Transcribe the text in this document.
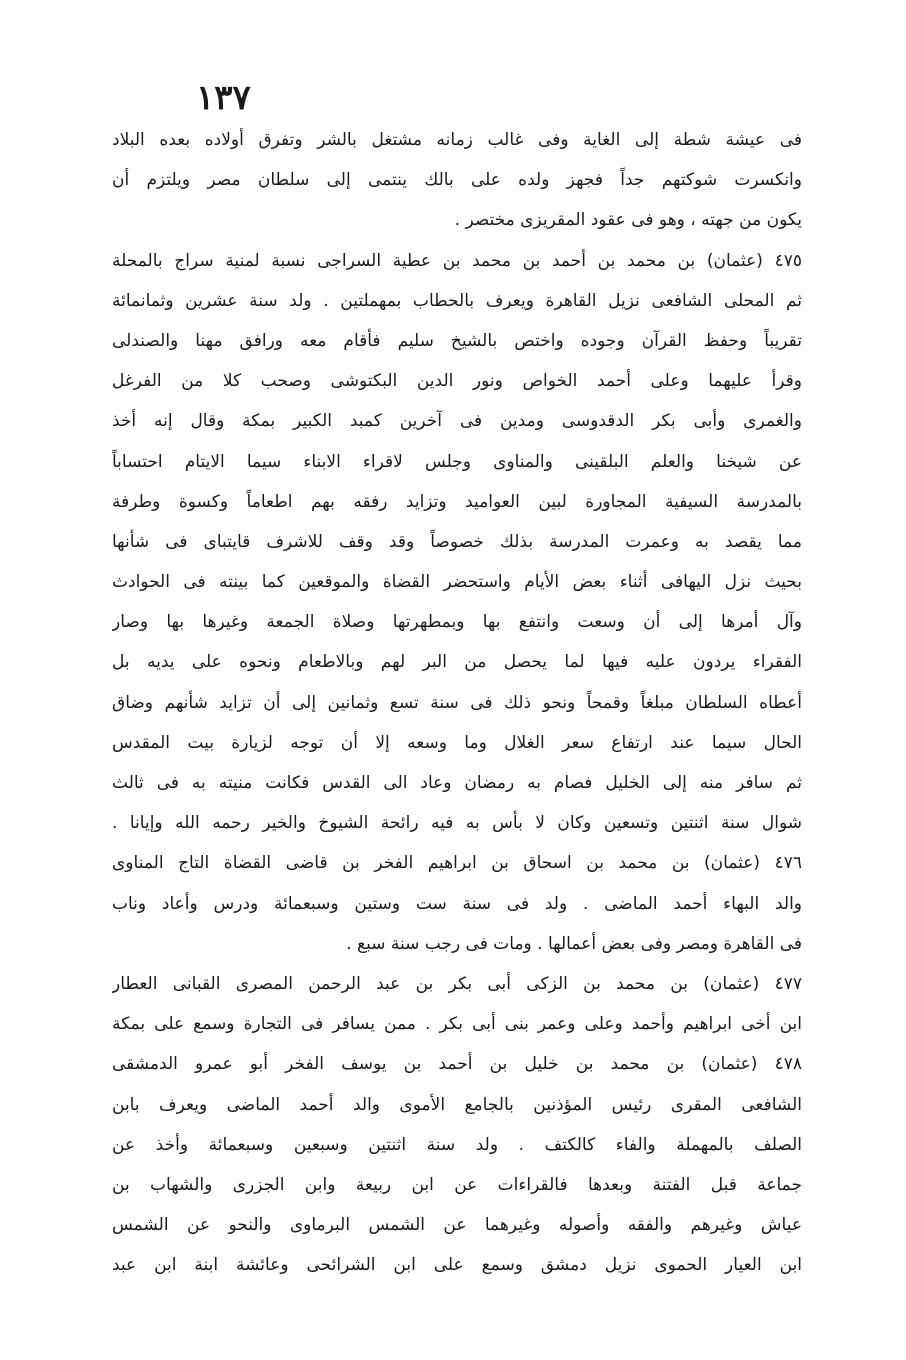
١٣٧
فى عيشة شطة إلى الغاية وفى غالب زمانه مشتغل بالشر وتفرق أولاده بعده البلاد
وانكسرت شوكتهم جداً فجهز ولده على بالك ينتمى إلى سلطان مصر ويلتزم أن
يكون من جهته ، وهو فى عقود المقريزى مختصر .
٤٧٥ (عثمان) بن محمد بن أحمد بن محمد بن عطية السراجى نسبة لمنية سراج بالمحلة
ثم المحلى الشافعى نزيل القاهرة ويعرف بالحطاب بمهملتين . ولد سنة عشرين وثمانمائة
تقريباً وحفظ القرآن وجوده واختص بالشيخ سليم فأقام معه ورافق مهنا والصندلى
وقرأ عليهما وعلى أحمد الخواص ونور الدين البكتوشى وصحب كلا من الفرغل
والغمرى وأبى بكر الدقدوسى ومدين فى آخرين كمبد الكبير بمكة وقال إنه أخذ
عن شيخنا والعلم البلقينى والمناوى وجلس لاقراء الابناء سيما الايتام احتساباً
بالمدرسة السيفية المجاورة لبين العواميد وتزايد رفقه بهم اطعاماً وكسوة وطرفة
مما يقصد به وعمرت المدرسة بذلك خصوصاً وقد وقف للاشرف قايتباى فى شأنها
بحيث نزل اليهافى أثناء بعض الأيام واستحضر القضاة والموقعين كما بينته فى الحوادث
وآل أمرها إلى أن وسعت وانتفع بها وبمطهرتها وصلاة الجمعة وغيرها بها وصار
الفقراء يردون عليه فيها لما يحصل من البر لهم وبالاطعام ونحوه على يديه بل
أعطاه السلطان مبلغاً وقمحاً ونحو ذلك فى سنة تسع وثمانين إلى أن تزايد شأنهم وضاق
الحال سيما عند ارتفاع سعر الغلال وما وسعه إلا أن توجه لزيارة بيت المقدس
ثم سافر منه إلى الخليل فصام به رمضان وعاد الى القدس فكانت منيته به فى ثالث
شوال سنة اثنتين وتسعين وكان لا بأس به فيه رائحة الشيوخ والخير رحمه الله وإيانا .
٤٧٦ (عثمان) بن محمد بن اسحاق بن ابراهيم الفخر بن قاضى القضاة التاج المناوى
والد البهاء أحمد الماضى . ولد فى سنة ست وستين وسبعمائة ودرس وأعاد وناب
فى القاهرة ومصر وفى بعض أعمالها . ومات فى رجب سنة سبع .
٤٧٧ (عثمان) بن محمد بن الزكى أبى بكر بن عبد الرحمن المصرى القبانى العطار
ابن أخى ابراهيم وأحمد وعلى وعمر بنى أبى بكر . ممن يسافر فى التجارة وسمع على بمكة
٤٧٨ (عثمان) بن محمد بن خليل بن أحمد بن يوسف الفخر أبو عمرو الدمشقى
الشافعى المقرى رئيس المؤذنين بالجامع الأموى والد أحمد الماضى ويعرف بابن
الصلف بالمهملة والفاء كالكتف . ولد سنة اثنتين وسبعين وسبعمائة وأخذ عن
جماعة قبل الفتنة وبعدها فالقراءات عن ابن ربيعة وابن الجزرى والشهاب بن
عياش وغيرهم والفقه وأصوله وغيرهما عن الشمس البرماوى والنحو عن الشمس
ابن العيار الحموى نزيل دمشق وسمع على ابن الشرائحى وعائشة ابنة ابن عبد
